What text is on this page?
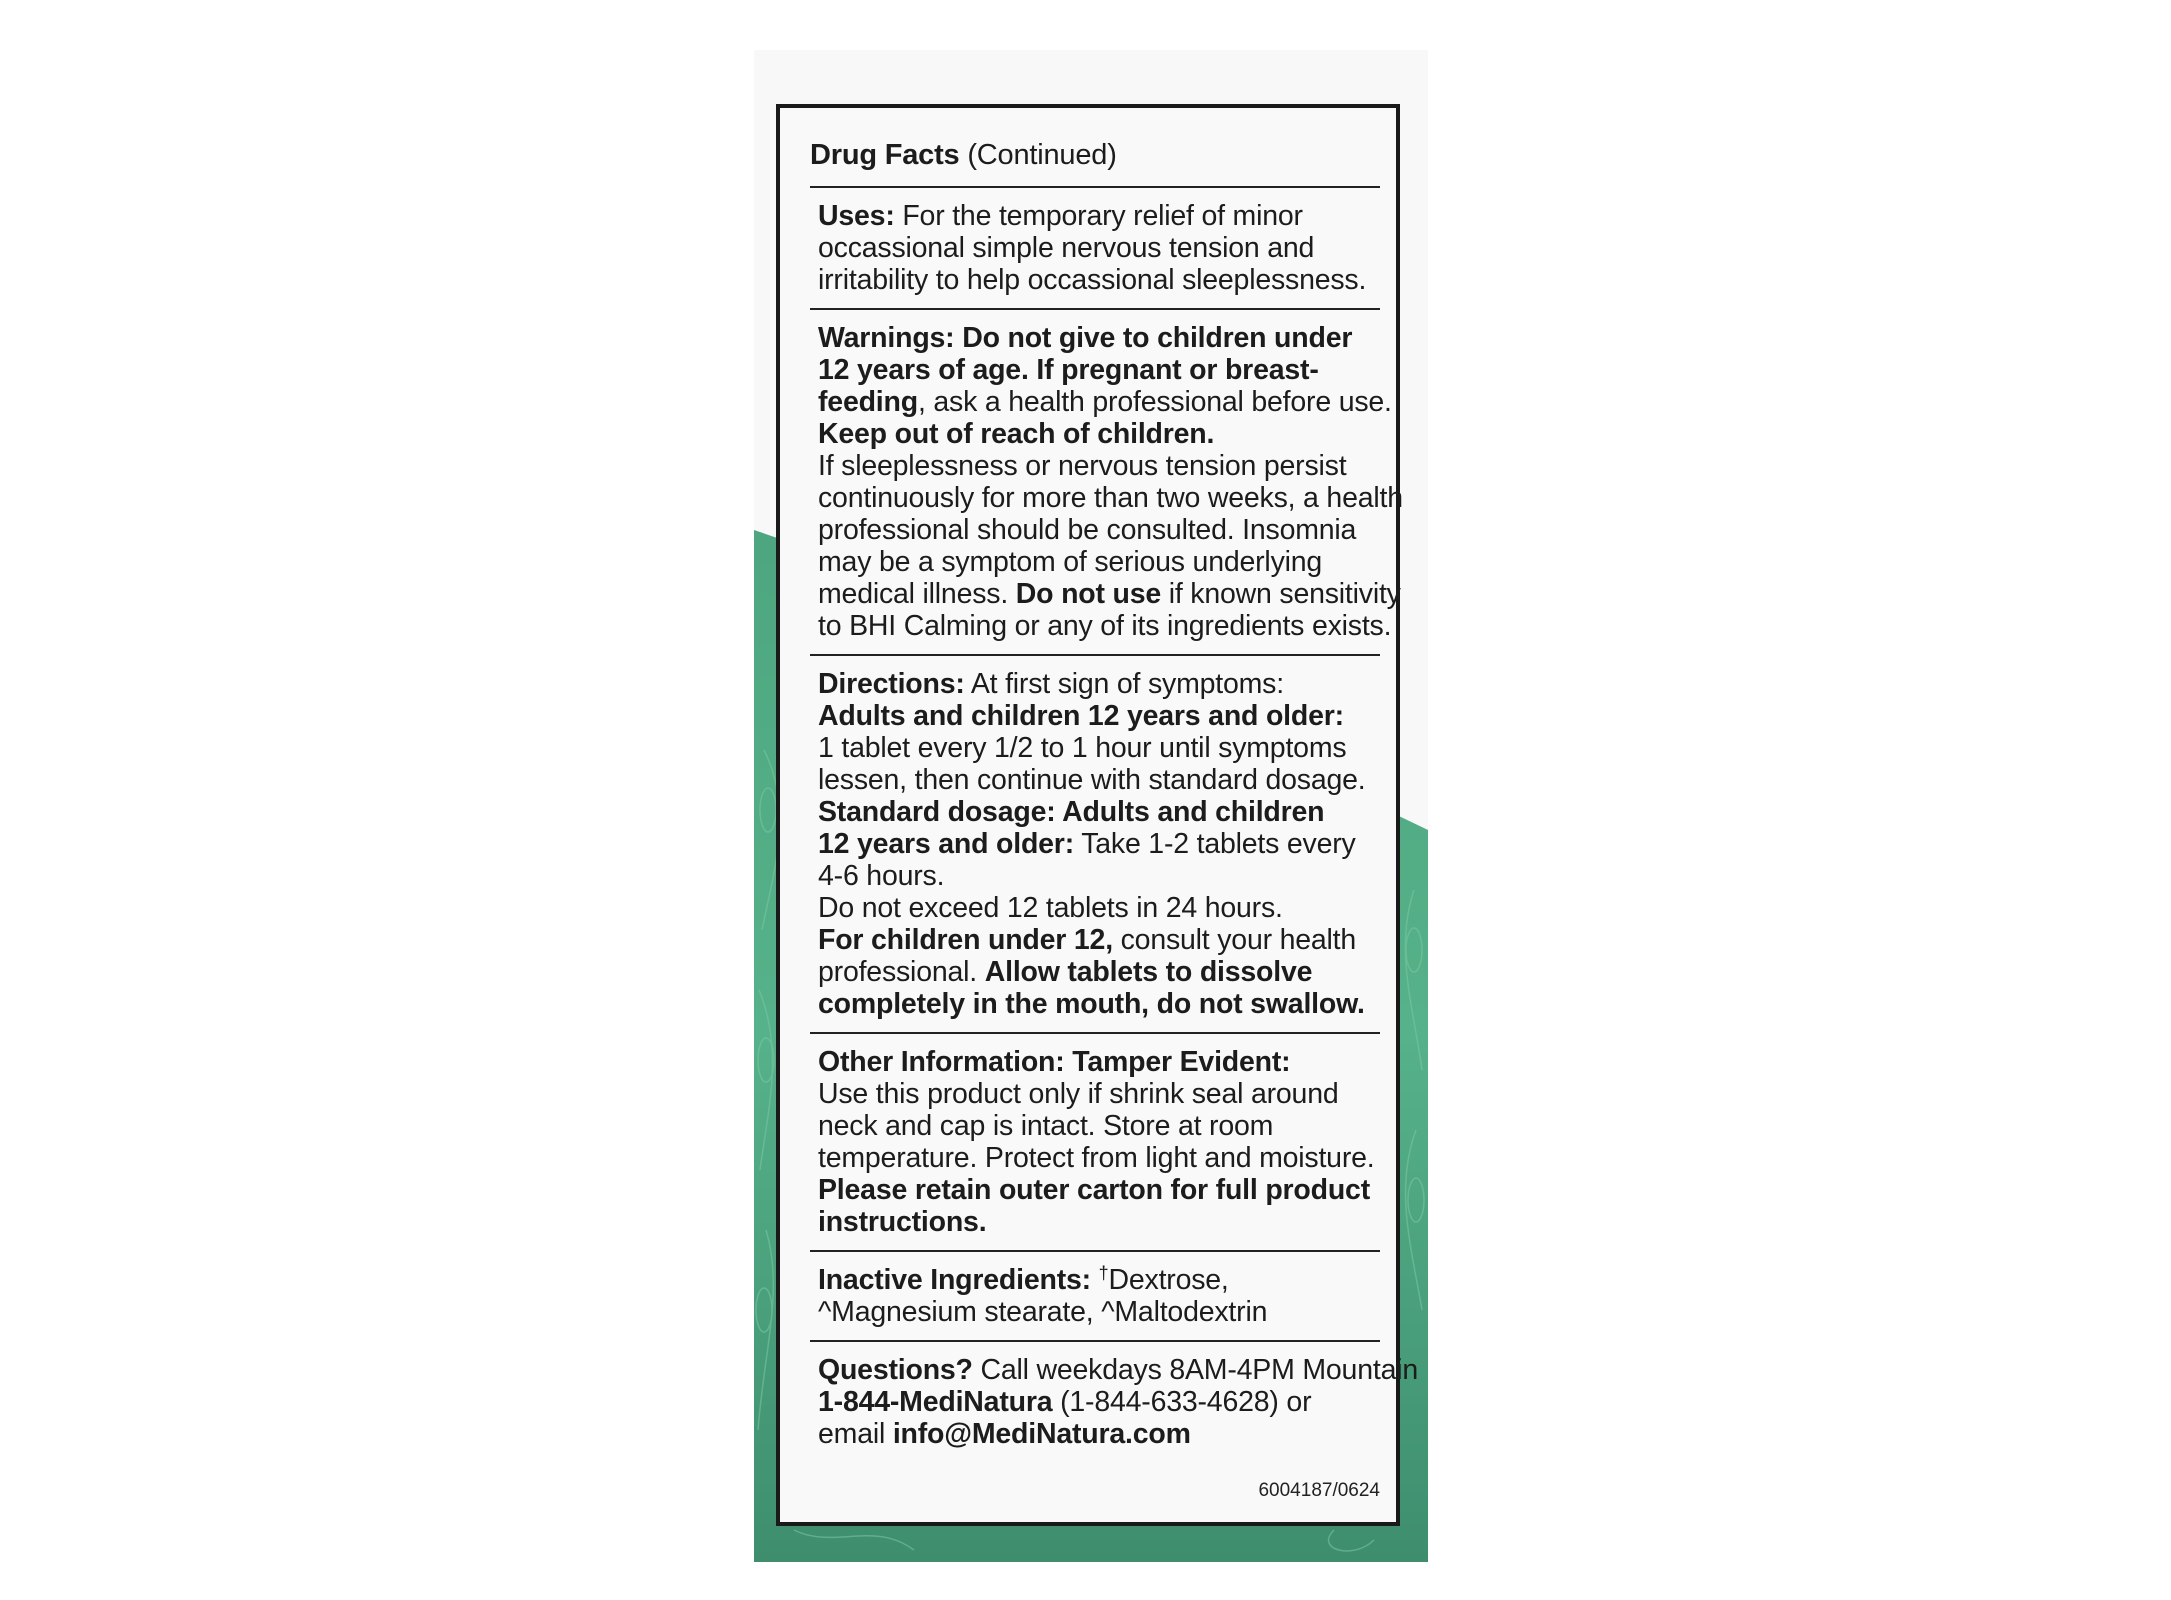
Drug Facts (Continued)

Uses: For the temporary relief of minor

occassional simple nervous tension and

irritability to help occassional sleeplessness.

Warnings: Do not give to children under

12 years of age. If pregnant or breast-

feeding, ask a health professional before use.

Keep out of reach of children.

If sleeplessness or nervous tension persist

continuously for more than two weeks, a health

professional should be consulted. Insomnia

may be a symptom of serious underlying

medical illness. Do not use if known sensitivity

to BHI Calming or any of its ingredients exists.

Directions: At first sign of symptoms:

Adults and children 12 years and older:

1 tablet every 1/2 to 1 hour until symptoms

lessen, then continue with standard dosage.

Standard dosage: Adults and children

12 years and older: Take 1-2 tablets every

4-6 hours.

Do not exceed 12 tablets in 24 hours.

For children under 12, consult your health

professional. Allow tablets to dissolve

completely in the mouth, do not swallow.

Other Information: Tamper Evident:

Use this product only if shrink seal around

neck and cap is intact. Store at room

temperature. Protect from light and moisture.

Please retain outer carton for full product

instructions.

Inactive Ingredients: †Dextrose,

^Magnesium stearate, ^Maltodextrin

Questions? Call weekdays 8AM-4PM Mountain

1-844-MediNatura (1-844-633-4628) or

email info@MediNatura.com

6004187/0624
